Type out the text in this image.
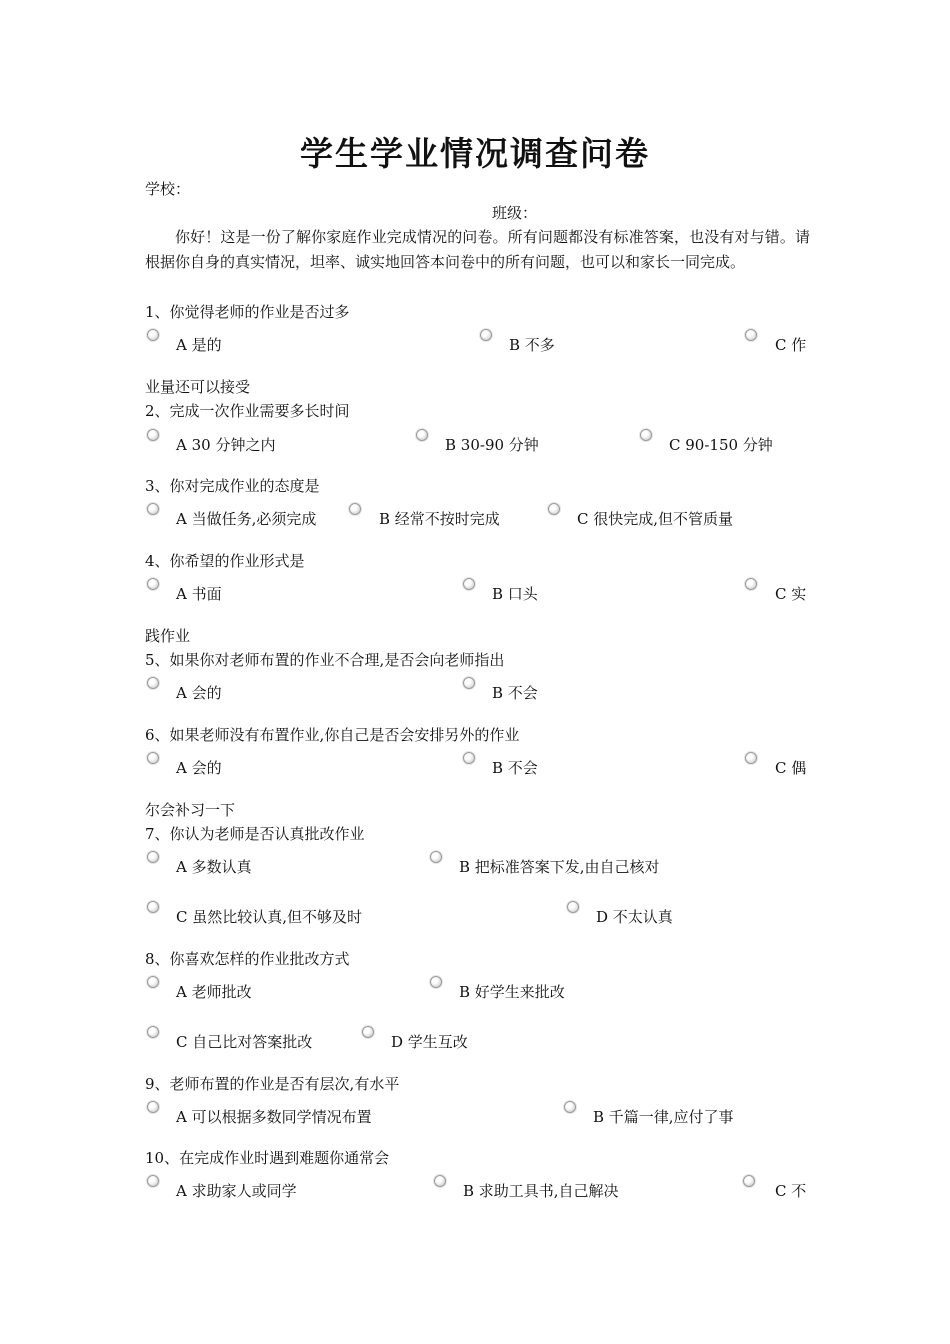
学生学业情况调查问卷
学校：
班级：
你好！这是一份了解你家庭作业完成情况的问卷。所有问题都没有标准答案，也没有对与错。请根据你自身的真实情况，坦率、诚实地回答本问卷中的所有问题，也可以和家长一同完成。
1、你觉得老师的作业是否过多
A 是的	B 不多	C 作
业量还可以接受
2、完成一次作业需要多长时间
A 30 分钟之内	B 30-90 分钟	C 90-150 分钟
3、你对完成作业的态度是
A 当做任务,必须完成	B 经常不按时完成	C 很快完成,但不管质量
4、你希望的作业形式是
A 书面	B 口头	C 实
践作业
5、如果你对老师布置的作业不合理,是否会向老师指出
A 会的	B 不会
6、如果老师没有布置作业,你自己是否会安排另外的作业
A 会的	B 不会	C 偶
尔会补习一下
7、你认为老师是否认真批改作业
A 多数认真	B 把标准答案下发,由自己核对
C 虽然比较认真,但不够及时	D 不太认真
8、你喜欢怎样的作业批改方式
A 老师批改	B 好学生来批改
C 自己比对答案批改	D 学生互改
9、老师布置的作业是否有层次,有水平
A 可以根据多数同学情况布置	B 千篇一律,应付了事
10、在完成作业时遇到难题你通常会
A 求助家人或同学	B 求助工具书,自己解决	C 不
